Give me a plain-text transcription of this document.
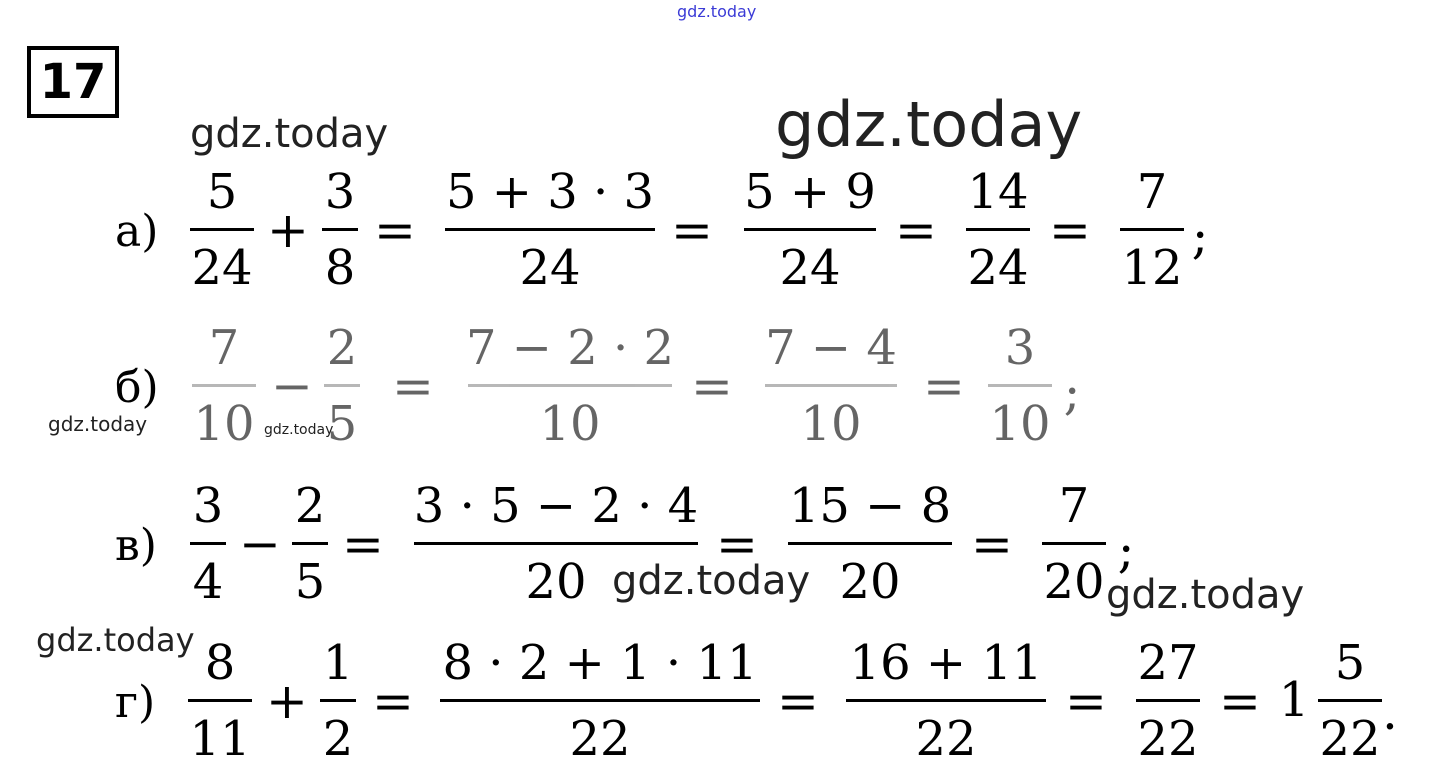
gdz.today
gdz.today	gdz.today
gdz.today	gdz.today
gdz.today	gdz.today
gdz.today
17
а)
5
24
+
3
8
=
5 + 3 · 3
24
=
5 + 9
24
=
14
24
=
7
12
;
б)
7
10
−
2
5
=
7 − 2 · 2
10
=
7 − 4
10
=
3
10
;
в)
3
4
−
2
5
=
3 · 5 − 2 · 4
20
=
15 − 8
20
=
7
20
;
г)
8
11
+
1
2
=
8 · 2 + 1 · 11
22
=
16 + 11
22
=
27
22
= 1
5
22 .
